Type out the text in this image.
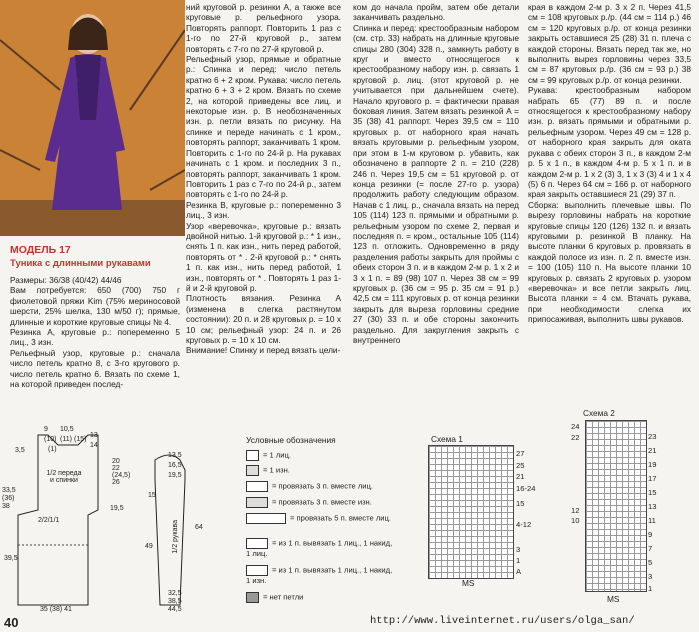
МОДЕЛЬ 17
Туника с длинными рукавами
Размеры: 36/38 (40/42) 44/46
Вам потребуется: 650 (700) 750 г фиолетовой пряжи Kim (75% мериносовой шерсти, 25% шелка, 130 м/50 г); прямые, длинные и короткие круговые спицы № 4.
Резинка А, круговые р.: попеременно 5 лиц., 3 изн.
Рельефный узор, круговые р.: сначала число петель кратно 8, с 3-го кругового р. число петель кратно 6. Вязать по схеме 1, на которой приведен послед-
ний круговой р. резинки А, а также все круговые р. рельефного узора. Повторять раппорт. Повторить 1 раз с 1-го по 27-й круговой р., затем повторять с 7-го по 27-й круговой р.
Рельефный узор, прямые и обратные р.: Спинка и перед: число петель кратно 6 + 2 кром. Рукава: число петель кратно 6 + 3 + 2 кром. Вязать по схеме 2, на которой приведены все лиц. и некоторые изн. р. В необозначенных изн. р. петли вязать по рисунку. На спинке и переде начинать с 1 кром., повторять раппорт, заканчивать 1 кром. Повторить с 1-го по 24-й р. На рукавах начинать с 1 кром. и последних 3 п., повторять раппорт, заканчивать 1 кром. Повторить 1 раз с 7-го по 24-й р., затем повторять с 1-го по 24-й р.
Резинка В, круговые р.: попеременно 3 лиц., 3 изн.
Узор «веревочка», круговые р.: вязать двойной нитью. 1-й круговой р.: * 1 изн., снять 1 п. как изн., нить перед работой, повторять от * . 2-й круговой р.: * снять 1 п. как изн., нить перед работой, 1 изн., повторять от * . Повторять 1 раз 1-й и 2-й круговой р.
Плотность вязания. Резинка А (изменена в слегка растянутом состоянии): 20 п. и 28 круговых р. = 10 х 10 см; рельефный узор: 24 п. и 26 круговых р. = 10 х 10 см.
Внимание! Спинку и перед вязать цели-
ком до начала пройм, затем обе детали заканчивать раздельно.
Спинка и перед: крестообразным набором (см. стр. 33) набрать на длинные круговые спицы 280 (304) 328 п., замкнуть работу в круг и вместо относящегося к крестообразному набору изн. р. связать 1 круговой р. лиц. (этот круговой р. не учитывается при дальнейшем счете). Начало кругового р. = фактически правая боковая линия. Затем вязать резинкой А = 35 (38) 41 раппорт. Через 39,5 см = 110 круговых р. от наборного края начать вязать круговыми р. рельефным узором, при этом в 1-м круговом р. убавить, как обозначено в раппорте 2 п. = 210 (228) 246 п. Через 19,5 см = 51 круговой р. от конца резинки (= после 27-го р. узора) продолжить работу следующим образом. Начав с 1 лиц. р., сначала вязать на перед 105 (114) 123 п. прямыми и обратными р. рельефным узором по схеме 2, первая и последняя п. = кром., остальные 105 (114) 123 п. отложить. Одновременно в ряду разделения работы закрыть для проймы с обеих сторон 3 п. и в каждом 2-м р. 1 х 2 и 3 х 1 п. = 89 (98) 107 п. Через 38 см = 99 круговых р. (36 см = 95 р. 35 см = 91 р.) 42,5 см = 111 круговых р. от конца резинки закрыть для выреза горловины средние 27 (30) 33 п. и обе стороны закончить раздельно. Для закругления закрыть с внутреннего
края в каждом 2-м р. 3 х 2 п. Через 41,5 см = 108 круговых р./р. (44 см = 114 р.) 46 см = 120 круговых р./р. от конца резинки закрыть оставшиеся 25 (28) 31 п. плеча с каждой стороны. Вязать перед так же, но выполнить вырез горловины через 33,5 см = 87 круговых р./р. (36 см = 93 р.) 38 см = 99 круговых р./р. от конца резинки.
Рукава: крестообразным набором набрать 65 (77) 89 п. и после относящегося к крестообразному набору изн. р. вязать прямыми и обратными р. рельефным узором. Через 49 см = 128 р. от наборного края закрыть для оката рукава с обеих сторон 3 п., в каждом 2-м р. 5 х 1 п., в каждом 4-м р. 5 х 1 п. и в каждом 2-м р. 1 х 2 (3) 3, 1 х 3 (3) 4 и 1 х 4 (5) 6 п. Через 64 см = 166 р. от наборного края закрыть оставшиеся 21 (29) 37 п.
Сборка: выполнить плечевые швы. По вырезу горловины набрать на короткие круговые спицы 120 (126) 132 п. и вязать круговыми р. резинкой В планку. На высоте планки 6 круговых р. провязать в каждой полосе из изн. п. 2 п. вместе изн. = 100 (105) 110 п. На высоте планки 10 круговых р. связать 2 круговых р. узором «веревочка» и все петли закрыть лиц. Высота планки = 4 см. Втачать рукава, при необходимости слегка их припосаживая, выполнить швы рукавов.
3,5
9 10,5
13
14
(10) (11) (15)
(1)
20
22
(24,5)
26
19,5
33,5
(36)
38
1/2 переда и спинки
2/2/1/1
39,5
35 (38) 41
13,5
16,5
19,5
15
49	1/2 рукава 64
32,5
38,5
44,5
Условные обозначения
= 1 лиц.
= 1 изн.
= провязать 3 п. вместе лиц.
= провязать 3 п. вместе изн.
= провязать 5 п. вместе лиц.
= из 1 п. вывязать 1 лиц., 1 накид, 1 лиц.
= из 1 п. вывязать 1 лиц., 1 накид, 1 изн.
= нет петли
Схема 1
27
25
21
16-24
15
4-12
3
1
A
MS
Схема 2
23
21
19
17
15
13
11
9
7
5
3
1
24
22
12
10
MS
40	http://www.liveinternet.ru/users/olga_san/
